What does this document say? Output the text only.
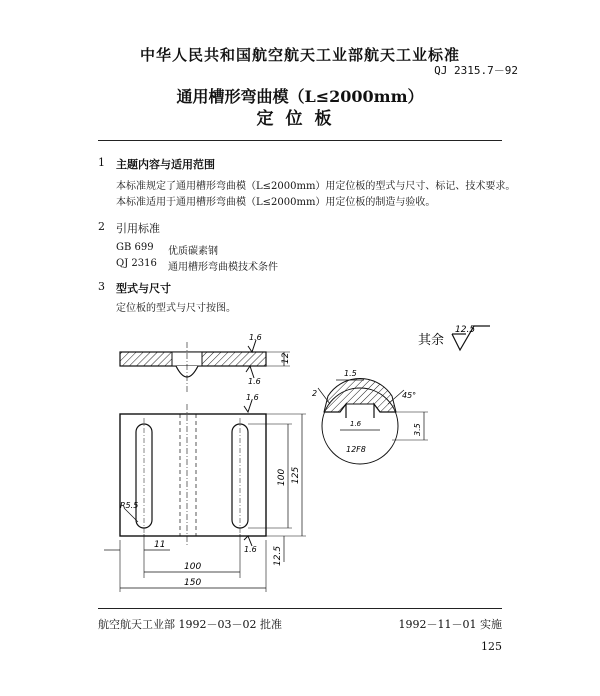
中华人民共和国航空航天工业部航天工业标准
QJ 2315.7－92
通用槽形弯曲模（L≤2000mm）
定位板
1 主题内容与适用范围
本标准规定了通用槽形弯曲模（L≤2000mm）用定位板的型式与尺寸、标记、技术要求。
本标准适用于通用槽形弯曲模（L≤2000mm）用定位板的制造与验收。
2 引用标准
GB 699 优质碳素钢
QJ 2316 通用槽形弯曲模技术条件
3 型式与尺寸
定位板的型式与尺寸按图。
其余
12.5
1.6
1.6
12
R5.5
1.6
1.6
11
100
150
100 125
12.5
12F8
1.5
2	45°
3.5
1.6
航空航天工业部 1992－03－02 批准	1992－11－01 实施
125
